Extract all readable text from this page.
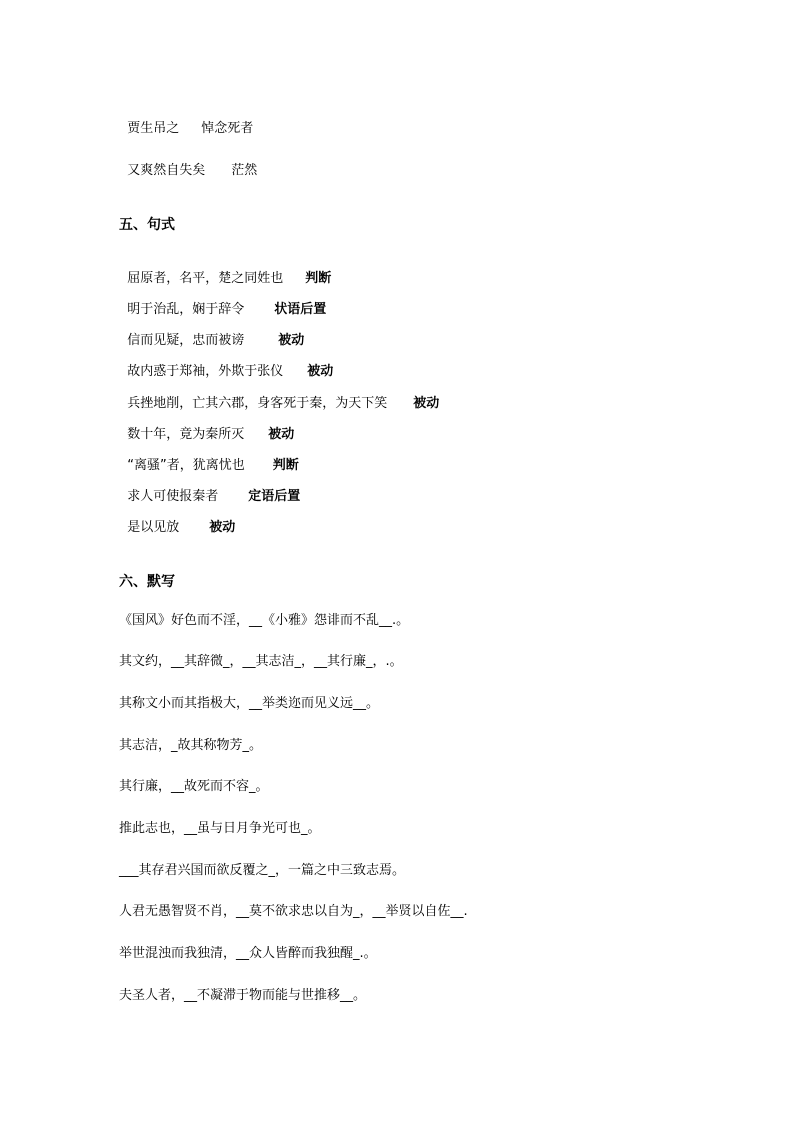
贾生吊之 悼念死者

又爽然自失矣 茫然

五、句式

屈原者，名平，楚之同姓也 判断

明于治乱，娴于辞令 状语后置

信而见疑，忠而被谤	被动

故内惑于郑袖，外欺于张仪 被动

兵挫地削，亡其六郡，身客死于秦，为天下笑 被动

数十年，竟为秦所灭 被动

“离骚”者，犹离忧也 判断

求人可使报秦者 定语后置

是以见放 被动

六、默写
《国风》好色而不淫，__《小雅》怨诽而不乱__.。
其文约，__其辞微_，__其志洁_，__其行廉_，.。
其称文小而其指极大，__举类迩而见义远__。
其志洁，_故其称物芳_。
其行廉，__故死而不容_。
推此志也，__虽与日月争光可也_。
___其存君兴国而欲反覆之_，一篇之中三致志焉。
人君无愚智贤不肖，__莫不欲求忠以自为_，__举贤以自佐__.
举世混浊而我独清，__众人皆醉而我独醒_.。
夫圣人者，__不凝滞于物而能与世推移__。
